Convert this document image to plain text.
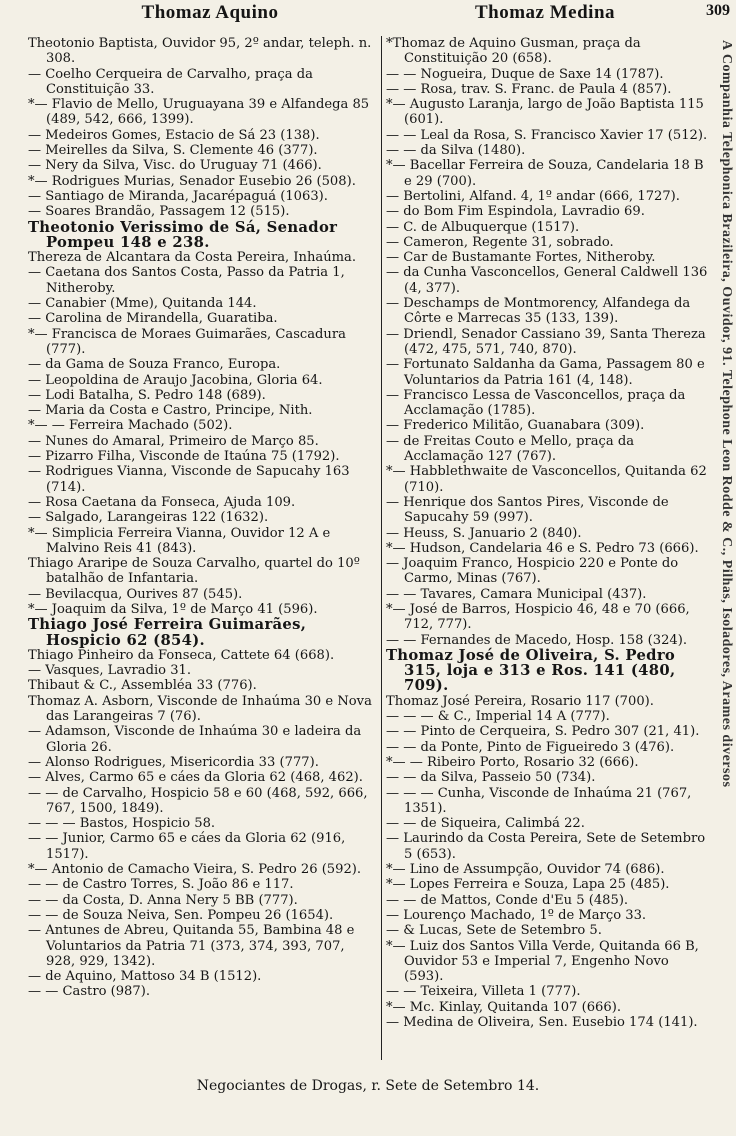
Thomaz Aquino	Thomaz Medina	309
Theotonio Baptista, Ouvidor 95, 2º andar, teleph. n. 308.
— Coelho Cerqueira de Carvalho, praça da Constituição 33.
*— Flavio de Mello, Uruguayana 39 e Alfandega 85 (489, 542, 666, 1399).
— Medeiros Gomes, Estacio de Sá 23 (138).
— Meirelles da Silva, S. Clemente 46 (377).
— Nery da Silva, Visc. do Uruguay 71 (466).
*— Rodrigues Murias, Senador Eusebio 26 (508).
— Santiago de Miranda, Jacarépaguá (1063).
— Soares Brandão, Passagem 12 (515).
Theotonio Verissimo de Sá, Senador Pompeu 148 e 238.
Thereza de Alcantara da Costa Pereira, Inhaúma.
— Caetana dos Santos Costa, Passo da Patria 1, Nitheroby.
— Canabier (Mme), Quitanda 144.
— Carolina de Mirandella, Guaratiba.
*— Francisca de Moraes Guimarães, Cascadura (777).
— da Gama de Souza Franco, Europa.
— Leopoldina de Araujo Jacobina, Gloria 64.
— Lodi Batalha, S. Pedro 148 (689).
— Maria da Costa e Castro, Principe, Nith.
*— — Ferreira Machado (502).
— Nunes do Amaral, Primeiro de Março 85.
— Pizarro Filha, Visconde de Itaúna 75 (1792).
— Rodrigues Vianna, Visconde de Sapucahy 163 (714).
— Rosa Caetana da Fonseca, Ajuda 109.
— Salgado, Larangeiras 122 (1632).
*— Simplicia Ferreira Vianna, Ouvidor 12 A e Malvino Reis 41 (843).
Thiago Araripe de Souza Carvalho, quartel do 10º batalhão de Infantaria.
— Bevilacqua, Ourives 87 (545).
*— Joaquim da Silva, 1º de Março 41 (596).
Thiago José Ferreira Guimarães, Hospicio 62 (854).
Thiago Pinheiro da Fonseca, Cattete 64 (668).
— Vasques, Lavradio 31.
Thibaut & C., Assembléa 33 (776).
Thomaz A. Asborn, Visconde de Inhaúma 30 e Nova das Larangeiras 7 (76).
— Adamson, Visconde de Inhaúma 30 e ladeira da Gloria 26.
— Alonso Rodrigues, Misericordia 33 (777).
— Alves, Carmo 65 e cáes da Gloria 62 (468, 462).
— — de Carvalho, Hospicio 58 e 60 (468, 592, 666, 767, 1500, 1849).
— — — Bastos, Hospicio 58.
— — Junior, Carmo 65 e cáes da Gloria 62 (916, 1517).
*— Antonio de Camacho Vieira, S. Pedro 26 (592).
— — de Castro Torres, S. João 86 e 117.
— — da Costa, D. Anna Nery 5 BB (777).
— — de Souza Neiva, Sen. Pompeu 26 (1654).
— Antunes de Abreu, Quitanda 55, Bambina 48 e Voluntarios da Patria 71 (373, 374, 393, 707, 928, 929, 1342).
— de Aquino, Mattoso 34 B (1512).
— — Castro (987).
*Thomaz de Aquino Gusman, praça da Constituição 20 (658).
— — Nogueira, Duque de Saxe 14 (1787).
— — Rosa, trav. S. Franc. de Paula 4 (857).
*— Augusto Laranja, largo de João Baptista 115 (601).
— — Leal da Rosa, S. Francisco Xavier 17 (512).
— — da Silva (1480).
*— Bacellar Ferreira de Souza, Candelaria 18 B e 29 (700).
— Bertolini, Alfand. 4, 1º andar (666, 1727).
— do Bom Fim Espindola, Lavradio 69.
— C. de Albuquerque (1517).
— Cameron, Regente 31, sobrado.
— Car de Bustamante Fortes, Nitheroby.
— da Cunha Vasconcellos, General Caldwell 136 (4, 377).
— Deschamps de Montmorency, Alfandega da Côrte e Marrecas 35 (133, 139).
— Driendl, Senador Cassiano 39, Santa Thereza (472, 475, 571, 740, 870).
— Fortunato Saldanha da Gama, Passagem 80 e Voluntarios da Patria 161 (4, 148).
— Francisco Lessa de Vasconcellos, praça da Acclamação (1785).
— Frederico Militão, Guanabara (309).
— de Freitas Couto e Mello, praça da Acclamação 127 (767).
*— Habblethwaite de Vasconcellos, Quitanda 62 (710).
— Henrique dos Santos Pires, Visconde de Sapucahy 59 (997).
— Heuss, S. Januario 2 (840).
*— Hudson, Candelaria 46 e S. Pedro 73 (666).
— Joaquim Franco, Hospicio 220 e Ponte do Carmo, Minas (767).
— — Tavares, Camara Municipal (437).
*— José de Barros, Hospicio 46, 48 e 70 (666, 712, 777).
— — Fernandes de Macedo, Hosp. 158 (324).
Thomaz José de Oliveira, S. Pedro 315, loja e 313 e Ros. 141 (480, 709).
Thomaz José Pereira, Rosario 117 (700).
— — — & C., Imperial 14 A (777).
— — Pinto de Cerqueira, S. Pedro 307 (21, 41).
— — da Ponte, Pinto de Figueiredo 3 (476).
*— — Ribeiro Porto, Rosario 32 (666).
— — da Silva, Passeio 50 (734).
— — — Cunha, Visconde de Inhaúma 21 (767, 1351).
— — de Siqueira, Calimbá 22.
— Laurindo da Costa Pereira, Sete de Setembro 5 (653).
*— Lino de Assumpção, Ouvidor 74 (686).
*— Lopes Ferreira e Souza, Lapa 25 (485).
— — de Mattos, Conde d'Eu 5 (485).
— Lourenço Machado, 1º de Março 33.
— & Lucas, Sete de Setembro 5.
*— Luiz dos Santos Villa Verde, Quitanda 66 B, Ouvidor 53 e Imperial 7, Engenho Novo (593).
— — Teixeira, Villeta 1 (777).
*— Mc. Kinlay, Quitanda 107 (666).
— Medina de Oliveira, Sen. Eusebio 174 (141).
A Companhia Telephonica Brazileira, Ouvidor, 91. Telephone Leon Rodde & C., Pilhas, Isoladores, Arames diversos
Negociantes de Drogas, r. Sete de Setembro 14.
